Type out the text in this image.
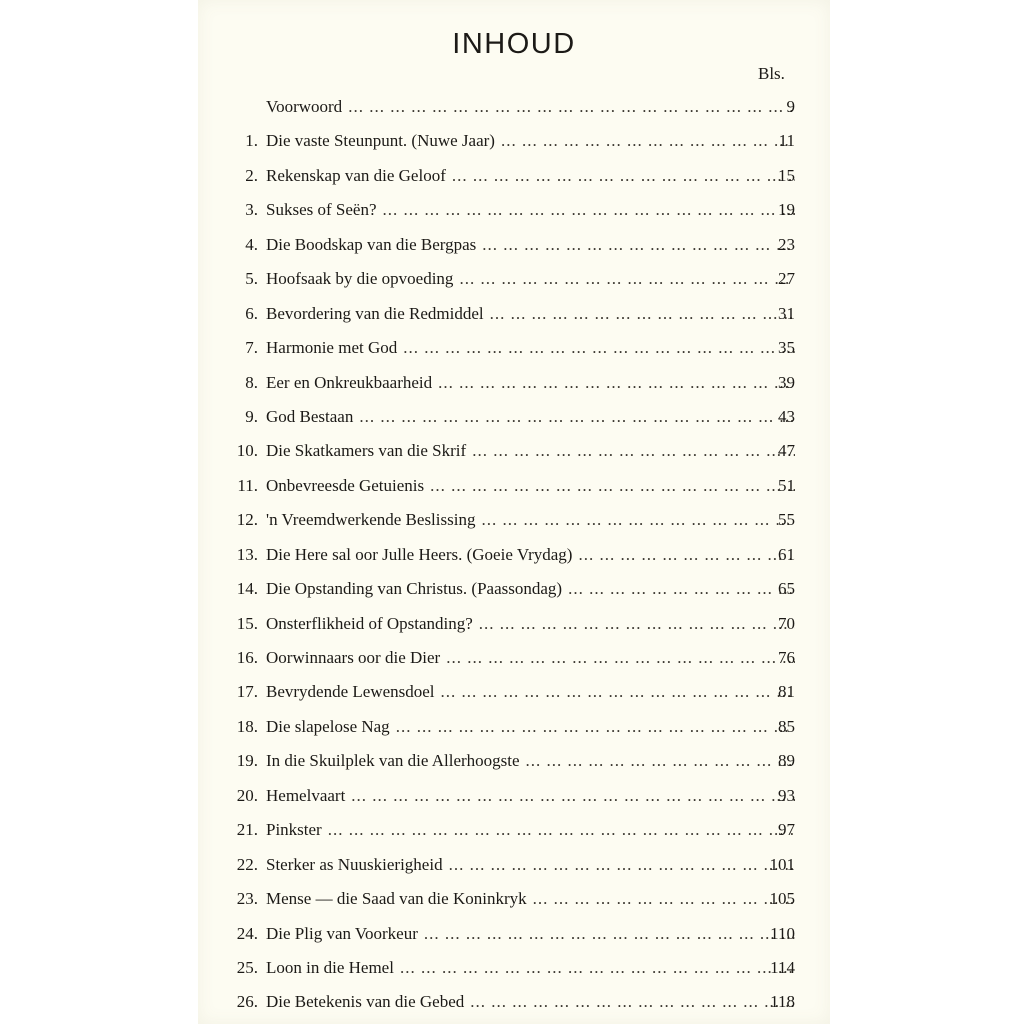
INHOUD
Bls.
Voorwoord ... .	9
1. Die vaste Steunpunt. (Nuwe Jaar) ... .	11
2. Rekenskap van die Geloof ... .	15
3. Sukses of Seën? ... .	19
4. Die Boodskap van die Bergpas ... .	23
5. Hoofsaak by die opvoeding ... .	27
6. Bevordering van die Redmiddel ... .	31
7. Harmonie met God ... .	35
8. Eer en Onkreukbaarheid ... .	39
9. God Bestaan ... .	43
10. Die Skatkamers van die Skrif ... .	47
11. Onbevreesde Getuienis ... .	51
12. 'n Vreemdwerkende Beslissing ... .	55
13. Die Here sal oor Julle Heers. (Goeie Vrydag) ... .	61
14. Die Opstanding van Christus. (Paassondag) ... .	65
15. Onsterflikheid of Opstanding? ... .	70
16. Oorwinnaars oor die Dier ... .	76
17. Bevrydende Lewensdoel ... .	81
18. Die slapelose Nag ... .	85
19. In die Skuilplek van die Allerhoogste ... .	89
20. Hemelvaart ... .	93
21. Pinkster ... .	97
22. Sterker as Nuuskierigheid ... .	101
23. Mense — die Saad van die Koninkryk ... .	105
24. Die Plig van Voorkeur ... .	110
25. Loon in die Hemel ... .	114
26. Die Betekenis van die Gebed ... .	118
